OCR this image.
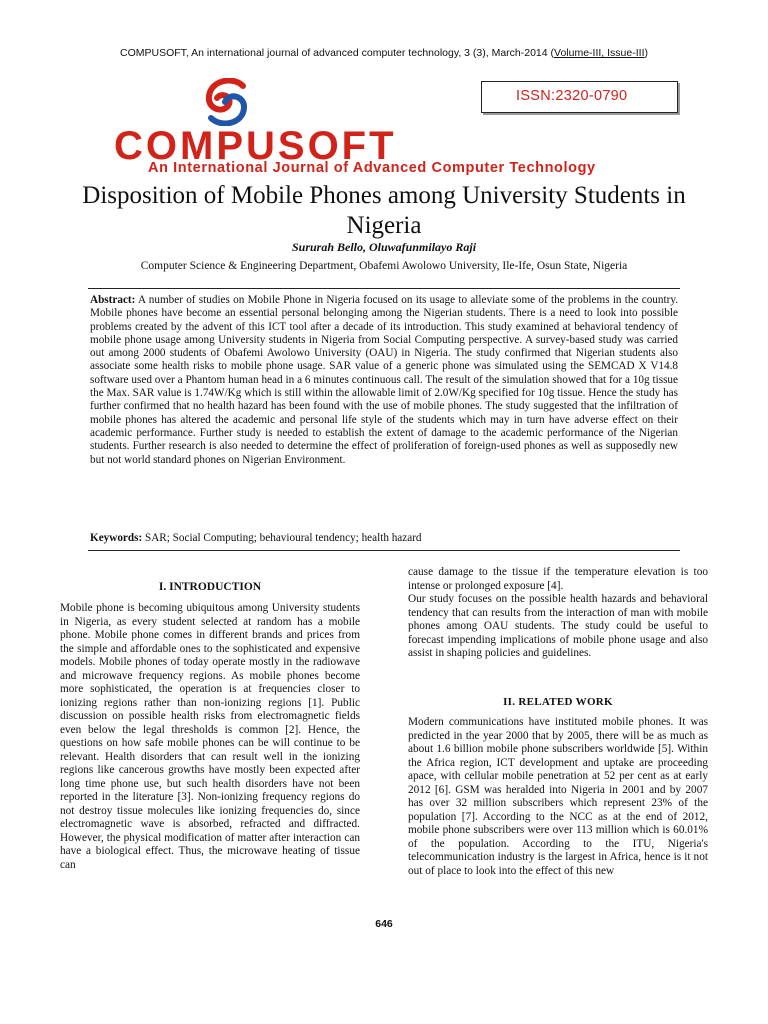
COMPUSOFT, An international journal of advanced computer technology, 3 (3), March-2014 (Volume-III, Issue-III)
ISSN:2320-0790
COMPUSOFT
An International Journal of Advanced Computer Technology
Disposition of Mobile Phones among University Students in Nigeria
Sururah Bello, Oluwafunmilayo Raji
Computer Science & Engineering Department, Obafemi Awolowo University, Ile-Ife, Osun State, Nigeria
Abstract: A number of studies on Mobile Phone in Nigeria focused on its usage to alleviate some of the problems in the country. Mobile phones have become an essential personal belonging among the Nigerian students. There is a need to look into possible problems created by the advent of this ICT tool after a decade of its introduction. This study examined at behavioral tendency of mobile phone usage among University students in Nigeria from Social Computing perspective. A survey-based study was carried out among 2000 students of Obafemi Awolowo University (OAU) in Nigeria. The study confirmed that Nigerian students also associate some health risks to mobile phone usage. SAR value of a generic phone was simulated using the SEMCAD X V14.8 software used over a Phantom human head in a 6 minutes continuous call. The result of the simulation showed that for a 10g tissue the Max. SAR value is 1.74W/Kg which is still within the allowable limit of 2.0W/Kg specified for 10g tissue. Hence the study has further confirmed that no health hazard has been found with the use of mobile phones. The study suggested that the infiltration of mobile phones has altered the academic and personal life style of the students which may in turn have adverse effect on their academic performance. Further study is needed to establish the extent of damage to the academic performance of the Nigerian students. Further research is also needed to determine the effect of proliferation of foreign-used phones as well as supposedly new but not world standard phones on Nigerian Environment.
Keywords: SAR; Social Computing; behavioural tendency; health hazard
I. INTRODUCTION

Mobile phone is becoming ubiquitous among University students in Nigeria, as every student selected at random has a mobile phone. Mobile phone comes in different brands and prices from the simple and affordable ones to the sophisticated and expensive models. Mobile phones of today operate mostly in the radiowave and microwave frequency regions. As mobile phones become more sophisticated, the operation is at frequencies closer to ionizing regions rather than non-ionizing regions [1]. Public discussion on possible health risks from electromagnetic fields even below the legal thresholds is common [2]. Hence, the questions on how safe mobile phones can be will continue to be relevant. Health disorders that can result well in the ionizing regions like cancerous growths have mostly been expected after long time phone use, but such health disorders have not been reported in the literature [3]. Non-ionizing frequency regions do not destroy tissue molecules like ionizing frequencies do, since electromagnetic wave is absorbed, refracted and diffracted. However, the physical modification of matter after interaction can have a biological effect. Thus, the microwave heating of tissue can

cause damage to the tissue if the temperature elevation is too intense or prolonged exposure [4].

Our study focuses on the possible health hazards and behavioral tendency that can results from the interaction of man with mobile phones among OAU students. The study could be useful to forecast impending implications of mobile phone usage and also assist in shaping policies and guidelines.

II. RELATED WORK

Modern communications have instituted mobile phones. It was predicted in the year 2000 that by 2005, there will be as much as about 1.6 billion mobile phone subscribers worldwide [5]. Within the Africa region, ICT development and uptake are proceeding apace, with cellular mobile penetration at 52 per cent as at early 2012 [6]. GSM was heralded into Nigeria in 2001 and by 2007 has over 32 million subscribers which represent 23% of the population [7]. According to the NCC as at the end of 2012, mobile phone subscribers were over 113 million which is 60.01% of the population. According to the ITU, Nigeria's telecommunication industry is the largest in Africa, hence is it not out of place to look into the effect of this new

646
